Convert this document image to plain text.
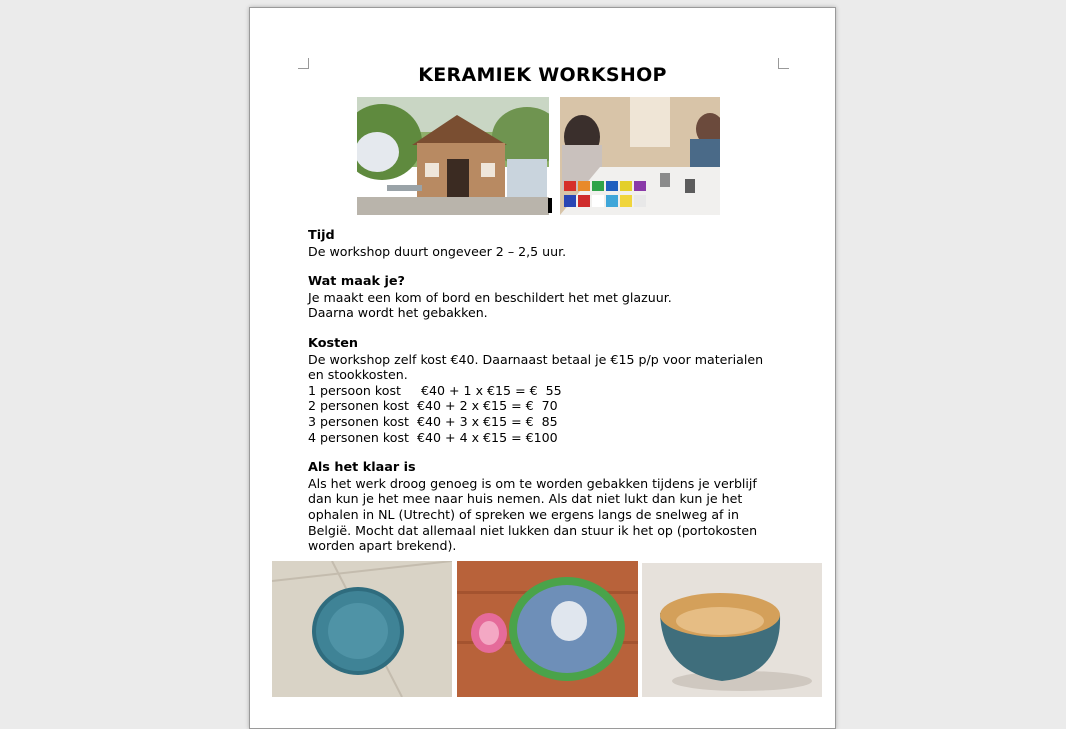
KERAMIEK WORKSHOP
Tijd

De workshop duurt ongeveer 2 – 2,5 uur.

Wat maak je?

Je maakt een kom of bord en beschildert het met glazuur.

Daarna wordt het gebakken.

Kosten

De workshop zelf kost €40. Daarnaast betaal je €15 p/p voor materialen

en stookkosten.

1 persoon kost     €40 + 1 x €15 = €  55

2 personen kost  €40 + 2 x €15 = €  70

3 personen kost  €40 + 3 x €15 = €  85

4 personen kost  €40 + 4 x €15 = €100

Als het klaar is

Als het werk droog genoeg is om te worden gebakken tijdens je verblijf

dan kun je het mee naar huis nemen. Als dat niet lukt dan kun je het

ophalen in NL (Utrecht) of spreken we ergens langs de snelweg af in

België. Mocht dat allemaal niet lukken dan stuur ik het op (portokosten

worden apart brekend).
